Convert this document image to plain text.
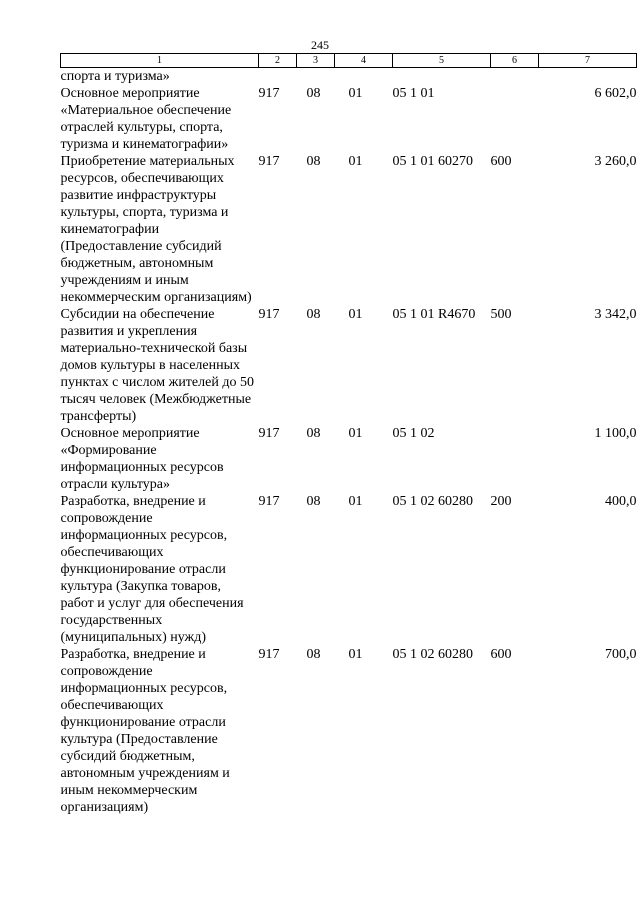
245
1	2	3	4	5	6	7
спорта и туризма»						
Основное мероприятие «Материальное обеспечение отраслей культуры, спорта, туризма и кинематографии»	917	08	01	05 1 01		6 602,0
Приобретение материальных ресурсов, обеспечивающих развитие инфраструктуры культуры, спорта, туризма и кинематографии (Предоставление субсидий бюджетным, автономным учреждениям и иным некоммерческим организациям)	917	08	01	05 1 01 60270	600	3 260,0
Субсидии на обеспечение развития и укрепления материально-технической базы домов культуры в населенных пунктах с числом жителей до 50 тысяч человек (Межбюджетные трансферты)	917	08	01	05 1 01 R4670	500	3 342,0
Основное мероприятие «Формирование информационных ресурсов отрасли культура»	917	08	01	05 1 02		1 100,0
Разработка, внедрение и сопровождение информационных ресурсов, обеспечивающих функционирование отрасли культура (Закупка товаров, работ и услуг для обеспечения государственных (муниципальных) нужд)	917	08	01	05 1 02 60280	200	400,0
Разработка, внедрение и сопровождение информационных ресурсов, обеспечивающих функционирование отрасли культура (Предоставление субсидий бюджетным, автономным учреждениям и иным некоммерческим организациям)	917	08	01	05 1 02 60280	600	700,0
